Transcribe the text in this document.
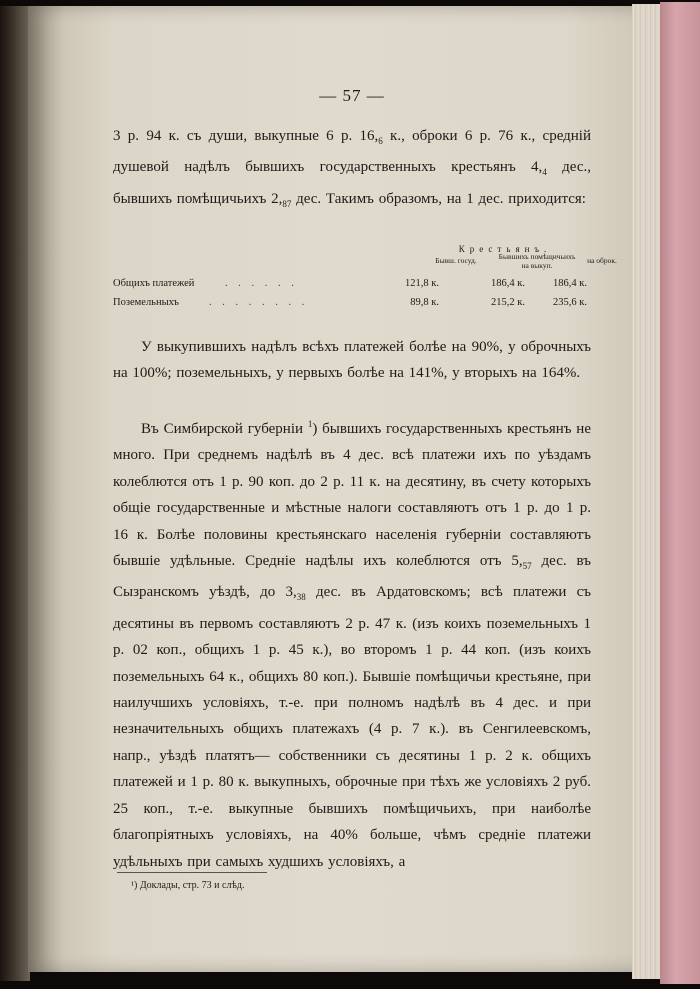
— 57 —

3 р. 94 к. съ души, выкупные 6 р. $16,_6$ к., оброки 6 р. 76 к., средній душевой надѣлъ бывшихъ государственныхъ крестьянъ $4,_4$ дес., бывшихъ помѣщичьихъ $2,_{87}$ дес. Такимъ образомъ, на 1 дес. приходится:

Крестьянъ.
Бывш. госуд.	Бывшихъ помѣщичьихъ на выкуп.
на оброк.
Общихъ платежей	. . . . . .	121,8 к.	186,4 к.	186,4 к.
Поземельныхъ	. . . . . . . .	89,8 к.	215,2 к.	235,6 к.

У выкупившихъ надѣлъ всѣхъ платежей болѣе на 90%, у оброчныхъ на 100%; поземельныхъ, у первыхъ болѣе на 141%, у вторыхъ на 164%.

Въ Симбирской губерніи $^1$) бывшихъ государственныхъ крестьянъ не много. При среднемъ надѣлѣ въ 4 дес. всѣ платежи ихъ по уѣздамъ колеблются отъ 1 р. 90 коп. до 2 р. 11 к. на десятину, въ счету которыхъ общіе государственные и мѣстные налоги составляютъ отъ 1 р. до 1 р. 16 к. Болѣе половины крестьянскаго населенія губерніи составляютъ бывшіе удѣльные. Средніе надѣлы ихъ колеблются отъ $5,_{57}$ дес. въ Сызранскомъ уѣздѣ, до $3,_{38}$ дес. въ Ардатовскомъ; всѣ платежи съ десятины въ первомъ составляютъ 2 р. 47 к. (изъ коихъ поземельныхъ 1 р. 02 коп., общихъ 1 р. 45 к.), во второмъ 1 р. 44 коп. (изъ коихъ поземельныхъ 64 к., общихъ 80 коп.). Бывшіе помѣщичьи крестьяне, при наилучшихъ условіяхъ, т.-е. при полномъ надѣлѣ въ 4 дес. и при незначительныхъ общихъ платежахъ (4 р. 7 к.). въ Сенгилеевскомъ, напр., уѣздѣ платятъ— собственники съ десятины 1 р. 2 к. общихъ платежей и 1 р. 80 к. выкупныхъ, оброчные при тѣхъ же условіяхъ 2 руб. 25 коп., т.-е. выкупные бывшихъ помѣщичьихъ, при наиболѣе благопріятныхъ условіяхъ, на 40% больше, чѣмъ средніе платежи удѣльныхъ при самыхъ худшихъ условіяхъ, а

¹) Доклады, стр. 73 и слѣд.
